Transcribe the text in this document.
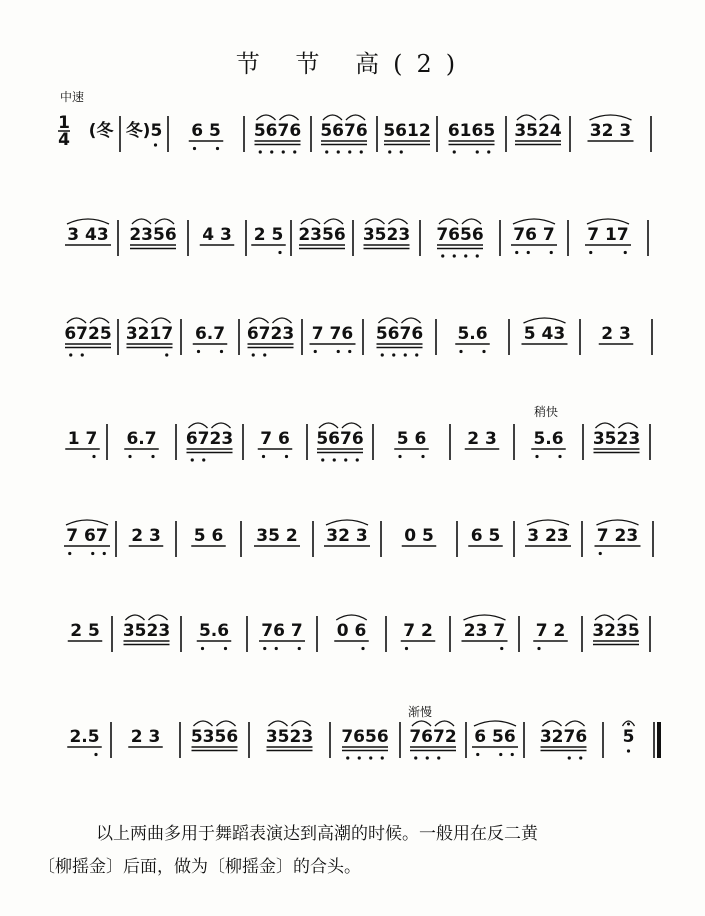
节 节 高(2)
中速
稍快
渐慢
1
4 (冬 冬)5 6 5 5676 5676 5612 6165 3524 32 3
3 43 2356 4 3 2 5 2356 3523 7656 76 7 7 17
6725 3217 6.7 6723 7 76 5676 5.6 5 43 2 3
1 7 6.7 6723 7 6 5676 5 6 2 3 5.6 3523
7 67 2 3 5 6 35 2 32 3 0 5 6 5 3 23 7 23
2 5 3523 5.6 76 7 0 6 7 2 23 7 7 2 3235
2.5 2 3 5356 3523 7656 7672 6 56 3276 5
以上两曲多用于舞蹈表演达到高潮的时候。一般用在反二黄
〔柳摇金〕后面，做为〔柳摇金〕的合头。
